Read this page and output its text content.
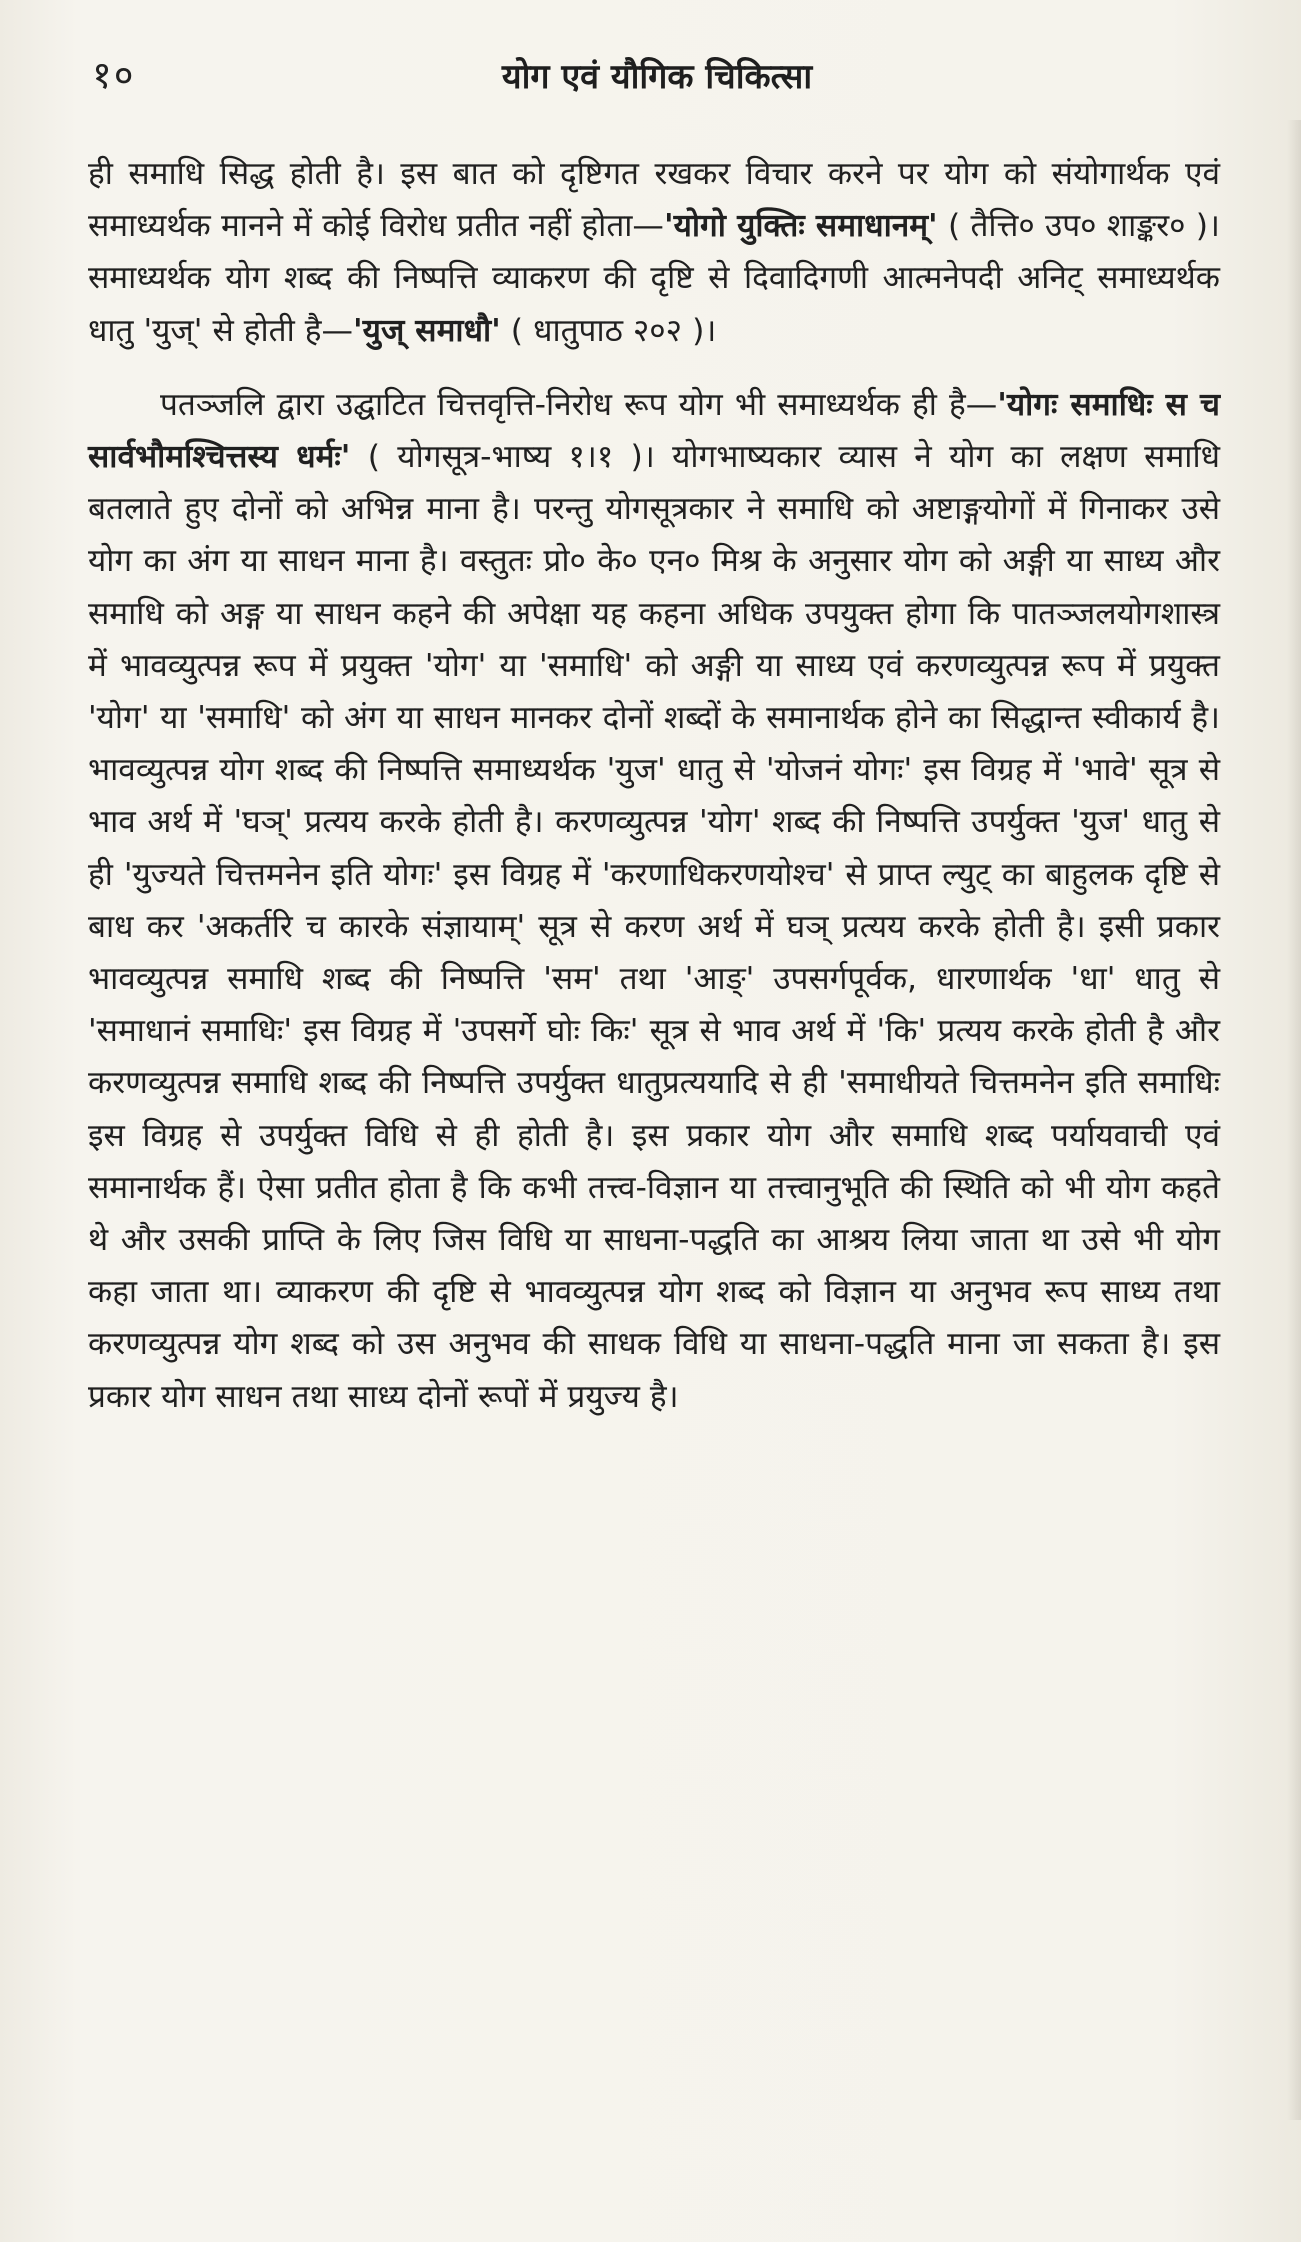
१०	योग एवं यौगिक चिकित्सा

ही समाधि सिद्ध होती है। इस बात को दृष्टिगत रखकर विचार करने पर योग को संयोगार्थक एवं समाध्यर्थक मानने में कोई विरोध प्रतीत नहीं होता—'योगो युक्तिः समाधानम्' ( तैत्ति० उप० शाङ्कर० )। समाध्यर्थक योग शब्द की निष्पत्ति व्याकरण की दृष्टि से दिवादिगणी आत्मनेपदी अनिट् समाध्यर्थक धातु 'युज्' से होती है—'युज् समाधौ' ( धातुपाठ २०२ )।

पतञ्जलि द्वारा उद्घाटित चित्तवृत्ति-निरोध रूप योग भी समाध्यर्थक ही है—'योगः समाधिः स च सार्वभौमश्चित्तस्य धर्मः' ( योगसूत्र-भाष्य १।१ )। योगभाष्यकार व्यास ने योग का लक्षण समाधि बतलाते हुए दोनों को अभिन्न माना है। परन्तु योगसूत्रकार ने समाधि को अष्टाङ्गयोगों में गिनाकर उसे योग का अंग या साधन माना है। वस्तुतः प्रो० के० एन० मिश्र के अनुसार योग को अङ्गी या साध्य और समाधि को अङ्ग या साधन कहने की अपेक्षा यह कहना अधिक उपयुक्त होगा कि पातञ्जलयोगशास्त्र में भावव्युत्पन्न रूप में प्रयुक्त 'योग' या 'समाधि' को अङ्गी या साध्य एवं करणव्युत्पन्न रूप में प्रयुक्त 'योग' या 'समाधि' को अंग या साधन मानकर दोनों शब्दों के समानार्थक होने का सिद्धान्त स्वीकार्य है। भावव्युत्पन्न योग शब्द की निष्पत्ति समाध्यर्थक 'युज' धातु से 'योजनं योगः' इस विग्रह में 'भावे' सूत्र से भाव अर्थ में 'घञ्' प्रत्यय करके होती है। करणव्युत्पन्न 'योग' शब्द की निष्पत्ति उपर्युक्त 'युज' धातु से ही 'युज्यते चित्तमनेन इति योगः' इस विग्रह में 'करणाधिकरणयोश्च' से प्राप्त ल्युट् का बाहुलक दृष्टि से बाध कर 'अकर्तरि च कारके संज्ञायाम्' सूत्र से करण अर्थ में घञ् प्रत्यय करके होती है। इसी प्रकार भावव्युत्पन्न समाधि शब्द की निष्पत्ति 'सम' तथा 'आङ्' उपसर्गपूर्वक, धारणार्थक 'धा' धातु से 'समाधानं समाधिः' इस विग्रह में 'उपसर्गे घोः किः' सूत्र से भाव अर्थ में 'कि' प्रत्यय करके होती है और करणव्युत्पन्न समाधि शब्द की निष्पत्ति उपर्युक्त धातुप्रत्ययादि से ही 'समाधीयते चित्तमनेन इति समाधिः इस विग्रह से उपर्युक्त विधि से ही होती है। इस प्रकार योग और समाधि शब्द पर्यायवाची एवं समानार्थक हैं। ऐसा प्रतीत होता है कि कभी तत्त्व-विज्ञान या तत्त्वानुभूति की स्थिति को भी योग कहते थे और उसकी प्राप्ति के लिए जिस विधि या साधना-पद्धति का आश्रय लिया जाता था उसे भी योग कहा जाता था। व्याकरण की दृष्टि से भावव्युत्पन्न योग शब्द को विज्ञान या अनुभव रूप साध्य तथा करणव्युत्पन्न योग शब्द को उस अनुभव की साधक विधि या साधना-पद्धति माना जा सकता है। इस प्रकार योग साधन तथा साध्य दोनों रूपों में प्रयुज्य है।
